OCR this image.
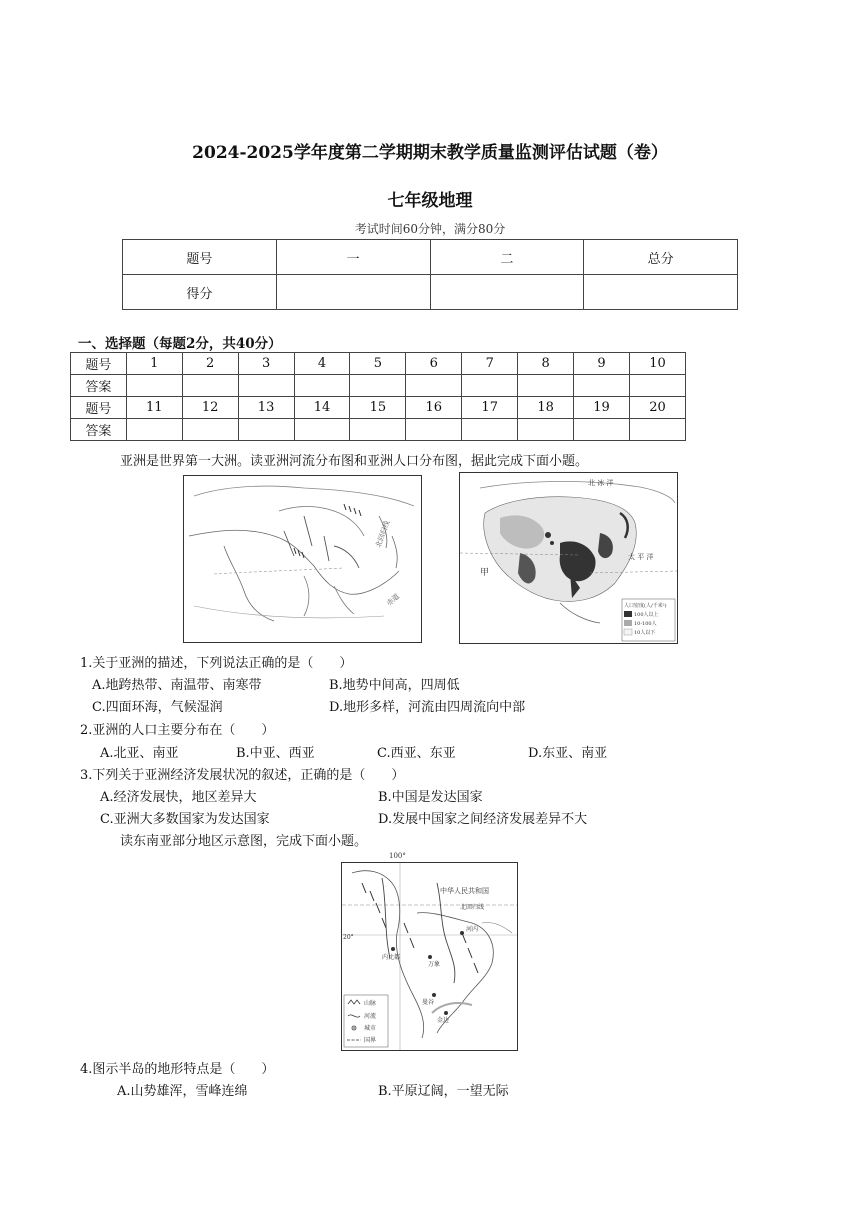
2024-2025学年度第二学期期末教学质量监测评估试题（卷）
七年级地理
考试时间60分钟，满分80分
题号	一	二	总分
得分			
一、选择题（每题2分，共40分）
题号	1	2	3	4	5	6	7	8	9	10
答案										
题号	11	12	13	14	15	16	17	18	19	20
答案										
亚洲是世界第一大洲。读亚洲河流分布图和亚洲人口分布图，据此完成下面小题。
北回归线
赤道
北 冰 洋
太 平 洋
甲
人口密度(人/千米²)
100人以上
10-100人
10人以下
1.关于亚洲的描述，下列说法正确的是（　　）
A.地跨热带、南温带、南寒带	B.地势中间高，四周低
C.四面环海，气候湿润	D.地形多样，河流由四周流向中部
2.亚洲的人口主要分布在（　　）
A.北亚、南亚	B.中亚、西亚	C.西亚、东亚	D.东亚、南亚
3.下列关于亚洲经济发展状况的叙述，正确的是（　　）
A.经济发展快，地区差异大	B.中国是发达国家
C.亚洲大多数国家为发达国家	D.发展中国家之间经济发展差异不大
读东南亚部分地区示意图，完成下面小题。
100°
中华人民共和国
北回归线
20°
河内
万象
内比都
曼谷
金边
山脉
河流
城市
国界
4.图示半岛的地形特点是（　　）
A.山势雄浑，雪峰连绵	B.平原辽阔，一望无际
